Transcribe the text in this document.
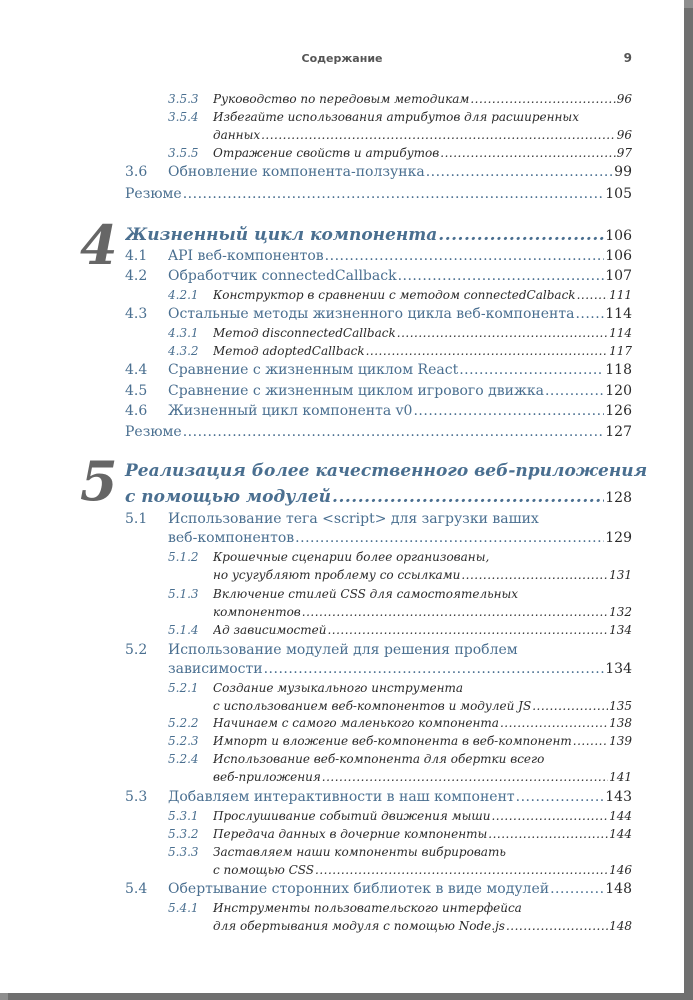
Содержание	9
3.5.3 Руководство по передовым методикам .....	96
3.5.4 Избегайте использования атрибутов для расширенных
данных .....	96
3.5.5 Отражение свойств и атрибутов .....	97
3.6 Обновление компонента-ползунка .....	99
Резюме .....	105
4 Жизненный цикл компонента .....	106
4.1 API веб-компонентов .....	106
4.2 Обработчик connectedCallback .....	107
4.2.1 Конструктор в сравнении с методом connectedCalback .....	111
4.3 Остальные методы жизненного цикла веб-компонента ..... 114
4.3.1 Метод disconnectedCallback .....	114
4.3.2 Метод adoptedCallback .....	117
4.4 Сравнение с жизненным циклом React .....	118
4.5 Сравнение с жизненным циклом игрового движка .....	120
4.6 Жизненный цикл компонента v0 .....	126
Резюме .....	127
5 Реализация более качественного веб-приложения
с помощью модулей .....	128
5.1 Использование тега <script> для загрузки ваших
веб-компонентов .....	129
5.1.2 Крошечные сценарии более организованы,
но усугубляют проблему со ссылками .....	131
5.1.3 Включение стилей CSS для самостоятельных
компонентов .....	132
5.1.4 Ад зависимостей .....	134
5.2 Использование модулей для решения проблем
зависимости .....	134
5.2.1 Создание музыкального инструмента
с использованием веб-компонентов и модулей JS .....	135
5.2.2 Начинаем с самого маленького компонента .....	138
5.2.3 Импорт и вложение веб-компонента в веб-компонент .....	139
5.2.4 Использование веб-компонента для обертки всего
веб-приложения .....	141
5.3 Добавляем интерактивности в наш компонент .....	143
5.3.1 Прослушивание событий движения мыши .....	144
5.3.2 Передача данных в дочерние компоненты .....	144
5.3.3 Заставляем наши компоненты вибрировать
с помощью CSS .....	146
5.4 Обертывание сторонних библиотек в виде модулей .....	148
5.4.1 Инструменты пользовательского интерфейса
для обертывания модуля с помощью Node.js .....	148
